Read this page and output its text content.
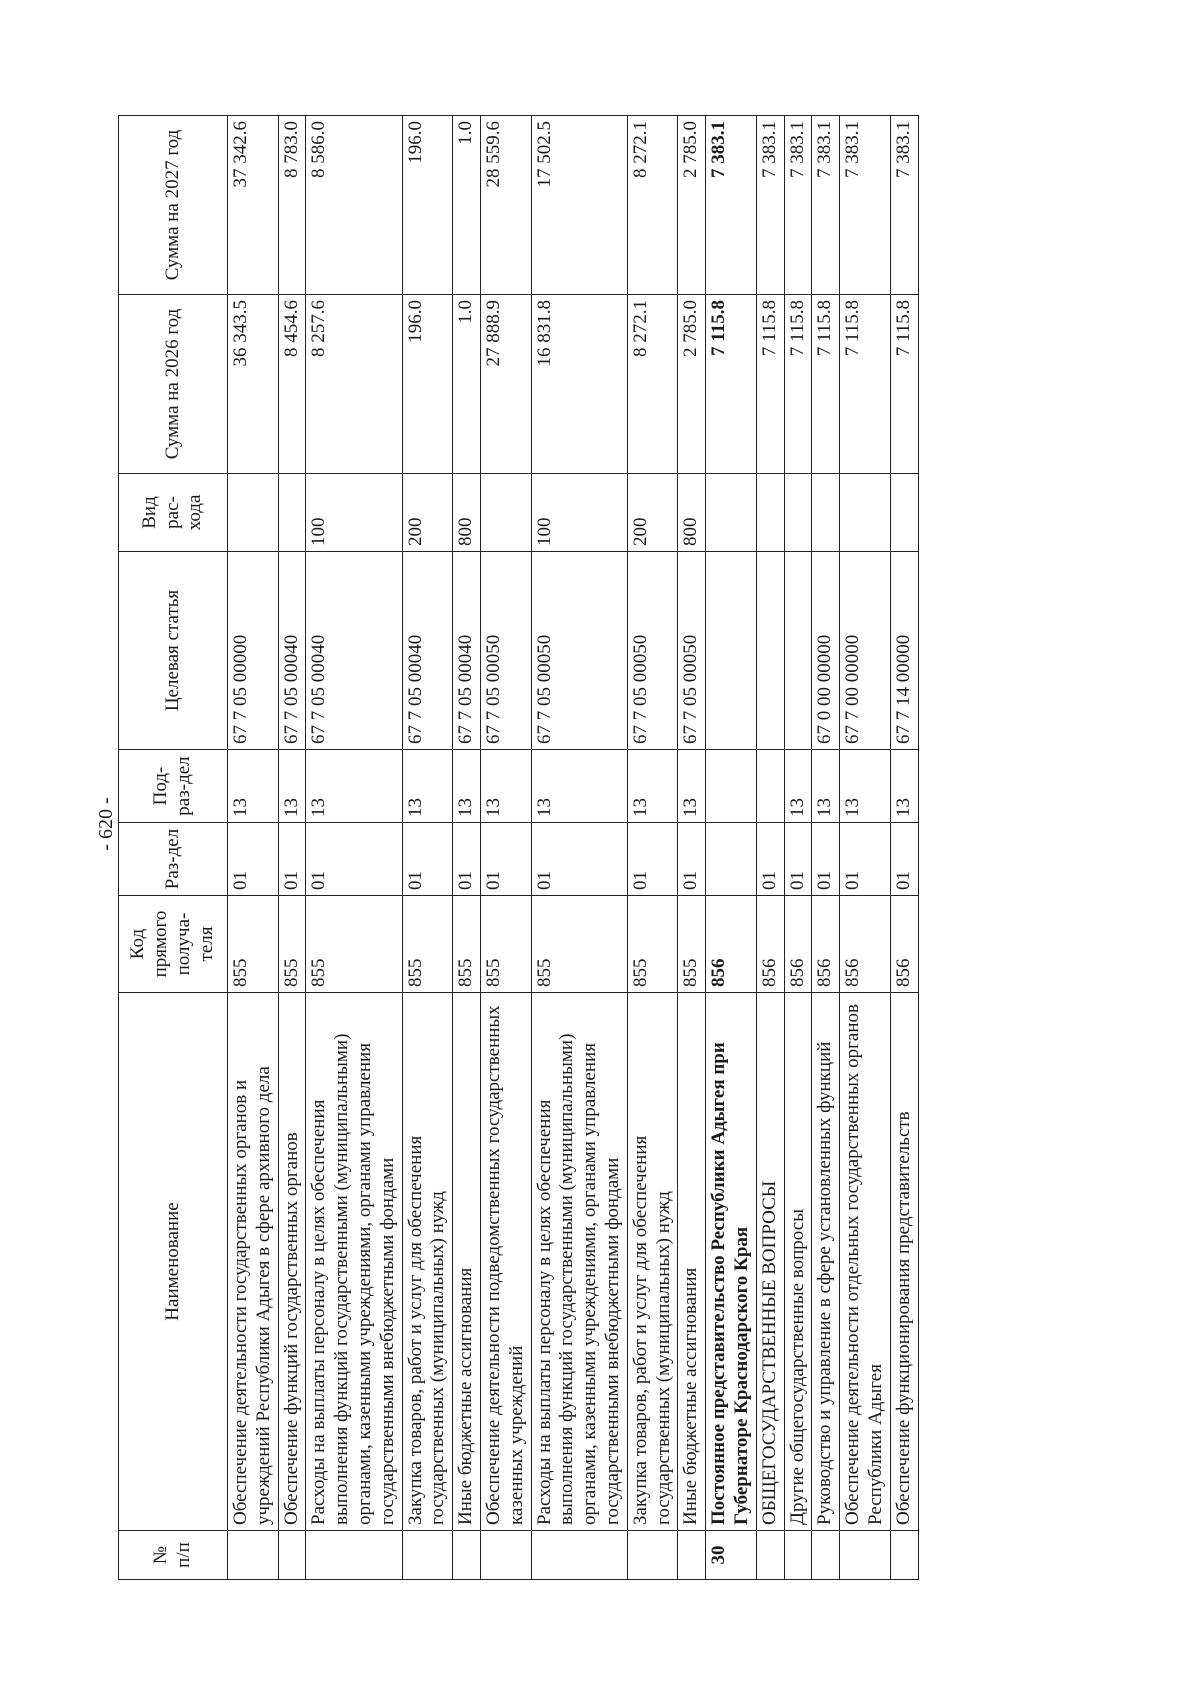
- 620 -
№ п/п	Наименование	Код прямого получа-теля	Раз-дел	Под-раз-дел	Целевая статья	Вид рас-хода	Сумма на 2026 год	Сумма на 2027 год
	Обеспечение деятельности государственных органов и учреждений Республики Адыгея в сфере архивного дела	855	01	13	67 7 05 00000		36 343.5	37 342.6
	Обеспечение функций государственных органов	855	01	13	67 7 05 00040		8 454.6	8 783.0
	Расходы на выплаты персоналу в целях обеспечения выполнения функций государственными (муниципальными) органами, казенными учреждениями, органами управления государственными внебюджетными фондами	855	01	13	67 7 05 00040	100	8 257.6	8 586.0
	Закупка товаров, работ и услуг для обеспечения государственных (муниципальных) нужд	855	01	13	67 7 05 00040	200	196.0	196.0
	Иные бюджетные ассигнования	855	01	13	67 7 05 00040	800	1.0	1.0
	Обеспечение деятельности подведомственных государственных казенных учреждений	855	01	13	67 7 05 00050		27 888.9	28 559.6
	Расходы на выплаты персоналу в целях обеспечения выполнения функций государственными (муниципальными) органами, казенными учреждениями, органами управления государственными внебюджетными фондами	855	01	13	67 7 05 00050	100	16 831.8	17 502.5
	Закупка товаров, работ и услуг для обеспечения государственных (муниципальных) нужд	855	01	13	67 7 05 00050	200	8 272.1	8 272.1
	Иные бюджетные ассигнования	855	01	13	67 7 05 00050	800	2 785.0	2 785.0
30	Постоянное представительство Республики Адыгея при Губернаторе Краснодарского Края	856					7 115.8	7 383.1
	ОБЩЕГОСУДАРСТВЕННЫЕ ВОПРОСЫ	856	01				7 115.8	7 383.1
	Другие общегосударственные вопросы	856	01	13			7 115.8	7 383.1
	Руководство и управление в сфере установленных функций	856	01	13	67 0 00 00000		7 115.8	7 383.1
	Обеспечение деятельности отдельных государственных органов Республики Адыгея	856	01	13	67 7 00 00000		7 115.8	7 383.1
	Обеспечение функционирования представительств	856	01	13	67 7 14 00000		7 115.8	7 383.1
